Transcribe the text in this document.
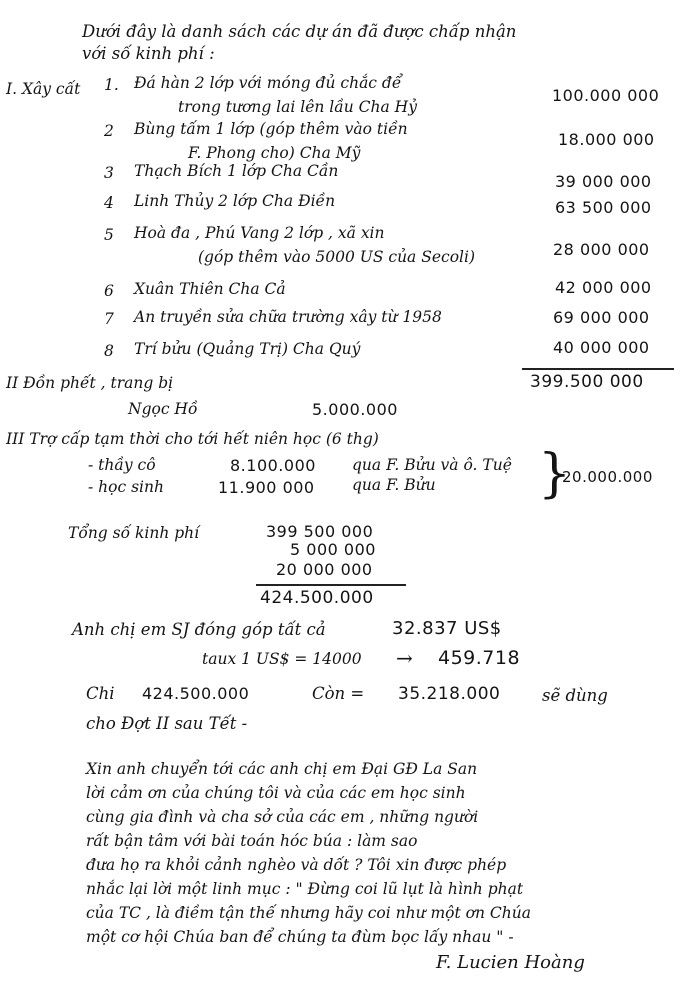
Dưới đây là danh sách các dự án đã được chấp nhận
với số kinh phí :
I. Xây cất 1. Đá hàn 2 lớp với móng đủ chắc để
trong tương lai lên lầu Cha Hỷ
100.000 000
2 Bùng tấm 1 lớp (góp thêm vào tiền
F. Phong cho) Cha Mỹ
18.000 000
3 Thạch Bích 1 lớp Cha Cần
39 000 000
4 Linh Thủy 2 lớp Cha Điền	63 500 000
5 Hoà đa , Phú Vang 2 lớp , xã xin
(góp thêm vào 5000 US của Secoli)	28 000 000
6 Xuân Thiên Cha Cả	42 000 000
7 An truyền sửa chữa trường xây từ 1958	69 000 000
8 Trí bửu (Quảng Trị) Cha Quý	40 000 000
399.500 000
II Đồn phết , trang bị
Ngọc Hồ	5.000.000
III Trợ cấp tạm thời cho tới hết niên học (6 thg)
- thầy cô	8.100.000 qua F. Bửu và ô. Tuệ
- học sinh	11.900 000 qua F. Bửu }
20.000.000
Tổng số kinh phí	399 500 000
5 000 000
20 000 000
424.500.000
Anh chị em SJ đóng góp tất cả	32.837 US$
taux 1 US$ = 14000 → 459.718
Chi 424.500.000	Còn = 35.218.000	sẽ dùng
cho Đợt II sau Tết -
Xin anh chuyển tới các anh chị em Đại GĐ La San
lời cảm ơn của chúng tôi và của các em học sinh
cùng gia đình và cha sở của các em , những người
rất bận tâm với bài toán hóc búa : làm sao
đưa họ ra khỏi cảnh nghèo và dốt ? Tôi xin được phép
nhắc lại lời một linh mục : " Đừng coi lũ lụt là hình phạt
của TC , là điềm tận thế nhưng hãy coi như một ơn Chúa
một cơ hội Chúa ban để chúng ta đùm bọc lấy nhau " -
F. Lucien Hoàng
